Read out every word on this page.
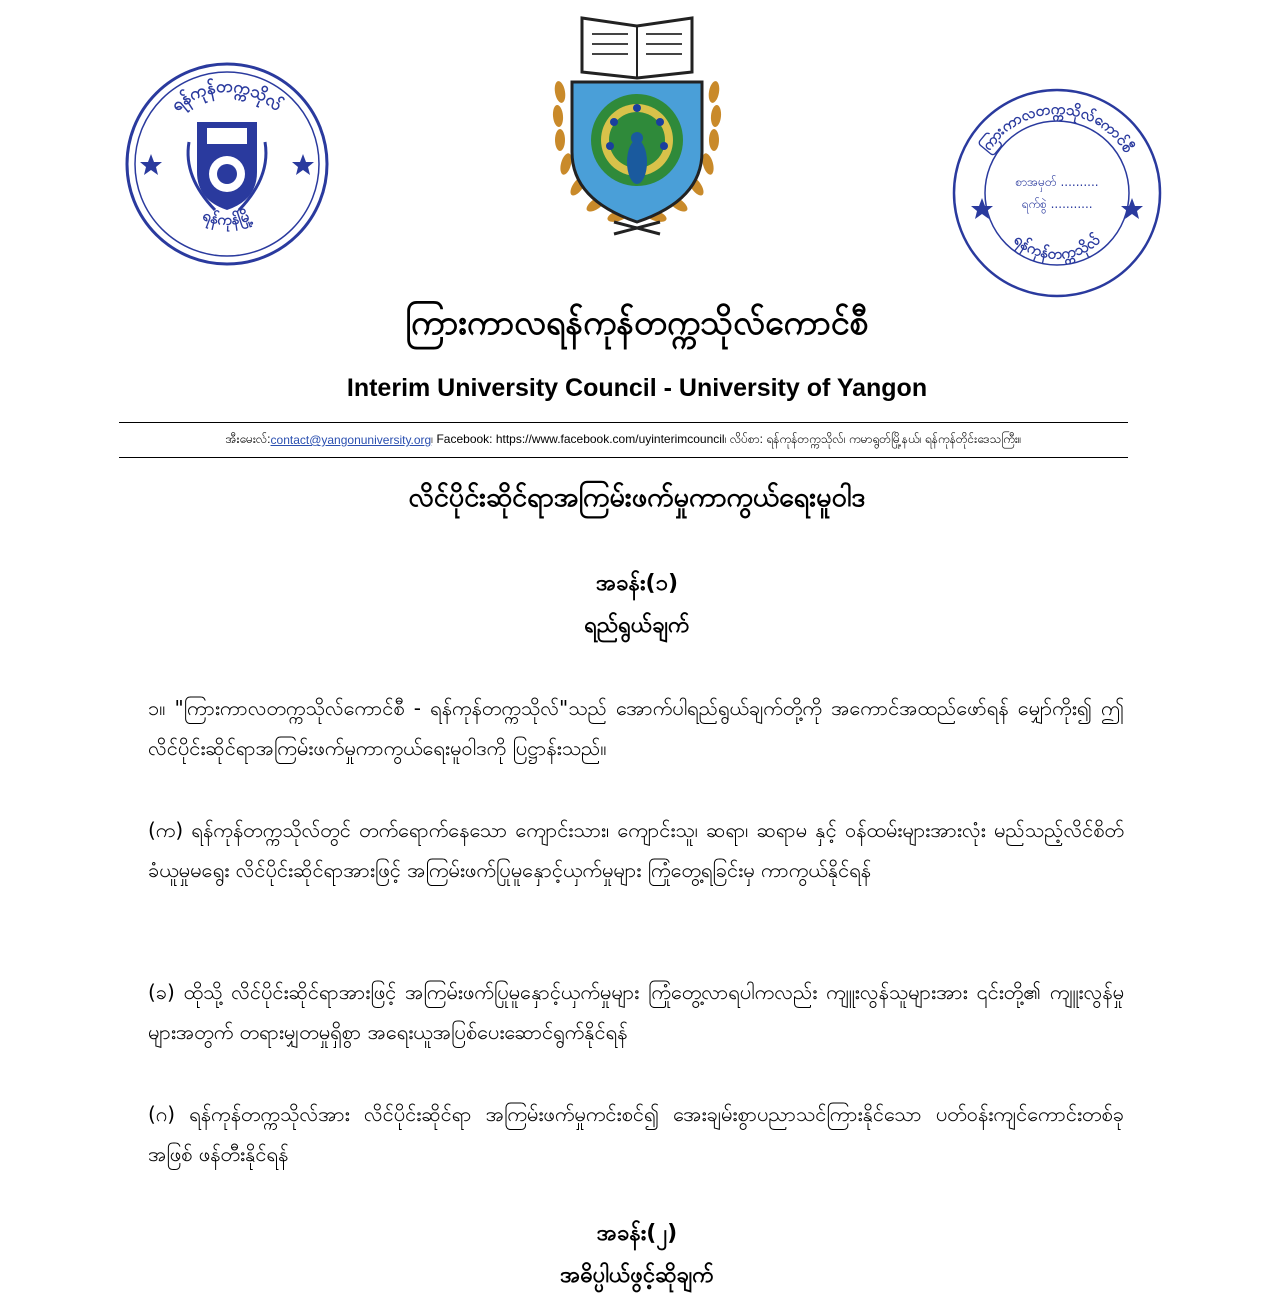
ရန်ကုန်တက္ကသိုလ်
ရန်ကုန်မြို့
ကြားကာလတက္ကသိုလ်ကောင်စီ
ရန်ကုန်တက္ကသိုလ်
စာအမှတ် ..........
ရက်စွဲ ...........
ကြားကာလရန်ကုန်တက္ကသိုလ်ကောင်စီ
Interim University Council - University of Yangon
အီးမေးလ်: contact@yangonuniversity.org ၊ Facebook: https://www.facebook.com/uyinterimcouncil၊ လိပ်စာ: ရန်ကုန်တက္ကသိုလ်၊ ကမာရွတ်မြို့နယ်၊ ရန်ကုန်တိုင်းဒေသကြီး။
လိင်ပိုင်းဆိုင်ရာအကြမ်းဖက်မှုကာကွယ်ရေးမူဝါဒ
အခန်း(၁)
ရည်ရွယ်ချက်
၁။ "ကြားကာလတက္ကသိုလ်ကောင်စီ - ရန်ကုန်တက္ကသိုလ်"သည် အောက်ပါရည်ရွယ်ချက်တို့ကို အကောင်အထည်ဖော်ရန် မျှော်ကိုး၍ ဤ လိင်ပိုင်းဆိုင်ရာအကြမ်းဖက်မှုကာကွယ်ရေးမူဝါဒကို ပြဋ္ဌာန်းသည်။
(က) ရန်ကုန်တက္ကသိုလ်တွင် တက်ရောက်နေသော ကျောင်းသား၊ ကျောင်းသူ၊ ဆရာ၊ ဆရာမ နှင့် ဝန်ထမ်းများအားလုံး မည်သည့်လိင်စိတ်ခံယူမှုမရွေး လိင်ပိုင်းဆိုင်ရာအားဖြင့် အကြမ်းဖက်ပြုမူနှောင့်ယှက်မှုများ ကြုံတွေ့ရခြင်းမှ ကာကွယ်နိုင်ရန်
(ခ) ထိုသို့ လိင်ပိုင်းဆိုင်ရာအားဖြင့် အကြမ်းဖက်ပြုမူနှောင့်ယှက်မှုများ ကြုံတွေ့လာရပါကလည်း ကျူးလွန်သူများအား ၎င်းတို့၏ ကျူးလွန်မှုများအတွက် တရားမျှတမှုရှိစွာ အရေးယူအပြစ်ပေးဆောင်ရွက်နိုင်ရန်
(ဂ) ရန်ကုန်တက္ကသိုလ်အား လိင်ပိုင်းဆိုင်ရာ အကြမ်းဖက်မှုကင်းစင်၍ အေးချမ်းစွာပညာသင်ကြားနိုင်သော ပတ်ဝန်းကျင်ကောင်းတစ်ခုအဖြစ် ဖန်တီးနိုင်ရန်
အခန်း(၂)
အဓိပ္ပါယ်ဖွင့်ဆိုချက်
